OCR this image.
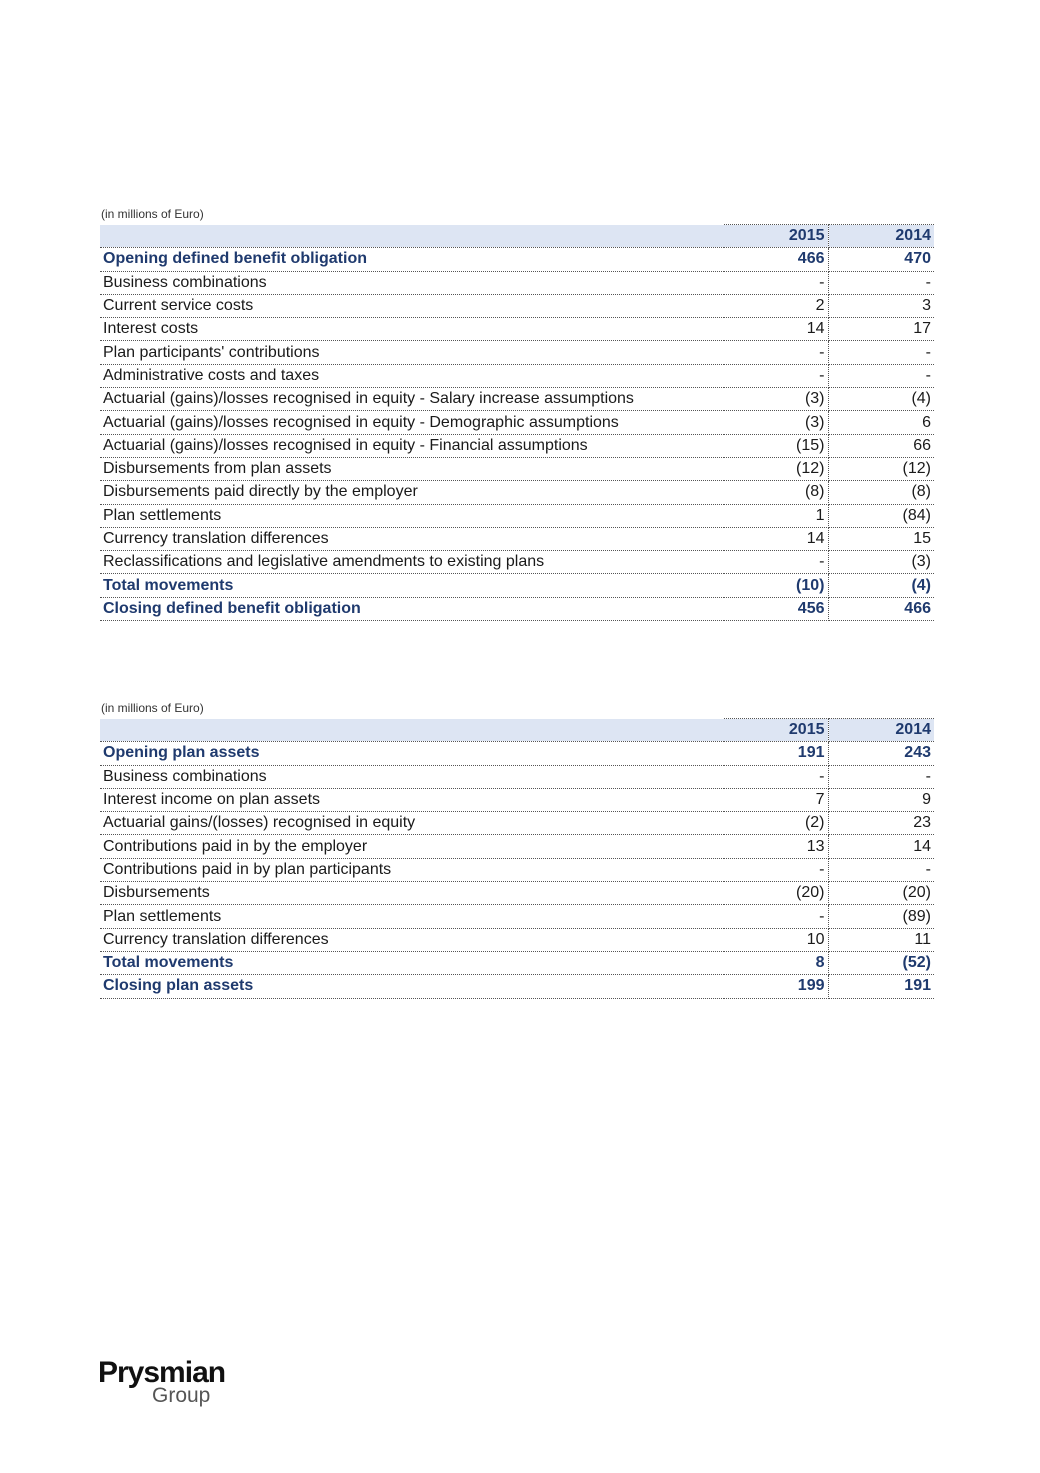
(in millions of Euro)
	2015	2014
Opening defined benefit obligation	466	470
Business combinations	-	-
Current service costs	2	3
Interest costs	14	17
Plan participants' contributions	-	-
Administrative costs and taxes	-	-
Actuarial (gains)/losses recognised in equity - Salary increase assumptions	(3)	(4)
Actuarial (gains)/losses recognised in equity - Demographic assumptions	(3)	6
Actuarial (gains)/losses recognised in equity - Financial assumptions	(15)	66
Disbursements from plan assets	(12)	(12)
Disbursements paid directly by the employer	(8)	(8)
Plan settlements	1	(84)
Currency translation differences	14	15
Reclassifications and legislative amendments to existing plans	-	(3)
Total movements	(10)	(4)
Closing defined benefit obligation	456	466
(in millions of Euro)
	2015	2014
Opening plan assets	191	243
Business combinations	-	-
Interest income on plan assets	7	9
Actuarial gains/(losses) recognised in equity	(2)	23
Contributions paid in by the employer	13	14
Contributions paid in by plan participants	-	-
Disbursements	(20)	(20)
Plan settlements	-	(89)
Currency translation differences	10	11
Total movements	8	(52)
Closing plan assets	199	191
Prysmian
Group
